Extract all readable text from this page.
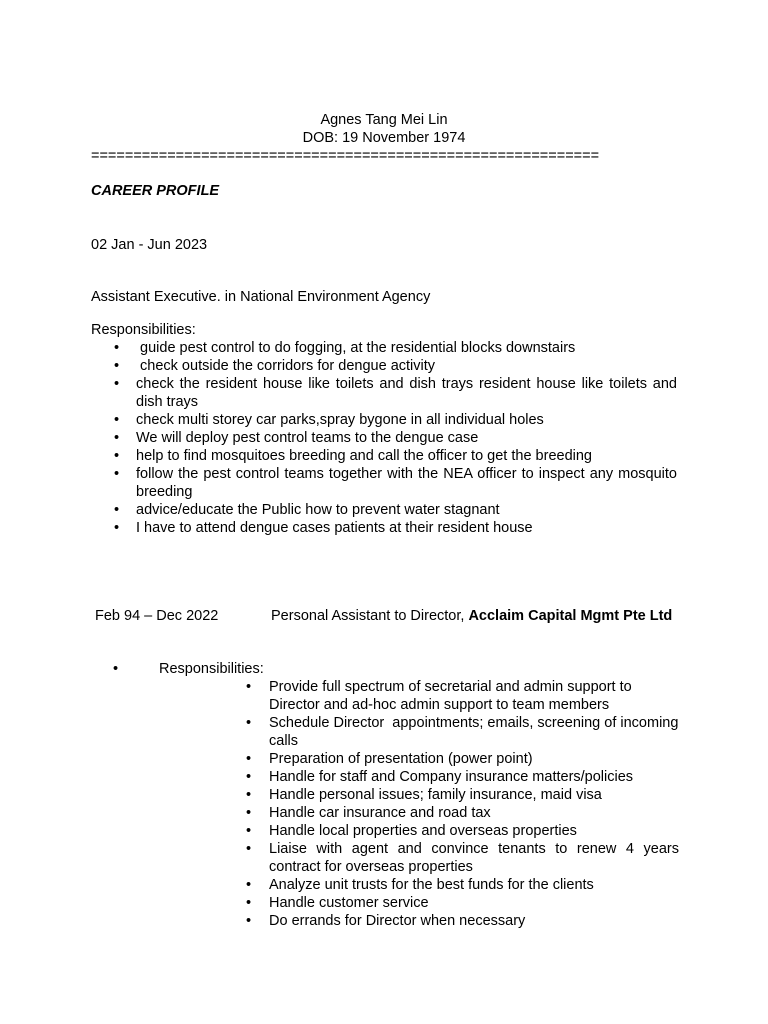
Agnes Tang Mei Lin
DOB: 19 November 1974
============================================================
CAREER PROFILE
02 Jan - Jun 2023
Assistant Executive. in National Environment Agency
Responsibilities:
• guide pest control to do fogging, at the residential blocks downstairs
• check outside the corridors for dengue activity
• check the resident house like toilets and dish trays resident house like toilets and dish trays
• check multi storey car parks,spray bygone in all individual holes
• We will deploy pest control teams to the dengue case
• help to find mosquitoes breeding and call the officer to get the breeding
• follow the pest control teams together with the NEA officer to inspect any mosquito breeding
• advice/educate the Public how to prevent water stagnant
• I have to attend dengue cases patients at their resident house
Feb 94 – Dec 2022	Personal Assistant to Director, Acclaim Capital Mgmt Pte Ltd
•	Responsibilities:
• Provide full spectrum of secretarial and admin support to Director and ad-hoc admin support to team members
• Schedule Director  appointments; emails, screening of incoming calls
• Preparation of presentation (power point)
• Handle for staff and Company insurance matters/policies
• Handle personal issues; family insurance, maid visa
• Handle car insurance and road tax
• Handle local properties and overseas properties
• Liaise with agent and convince tenants to renew 4 years contract for overseas properties
• Analyze unit trusts for the best funds for the clients
• Handle customer service
• Do errands for Director when necessary
